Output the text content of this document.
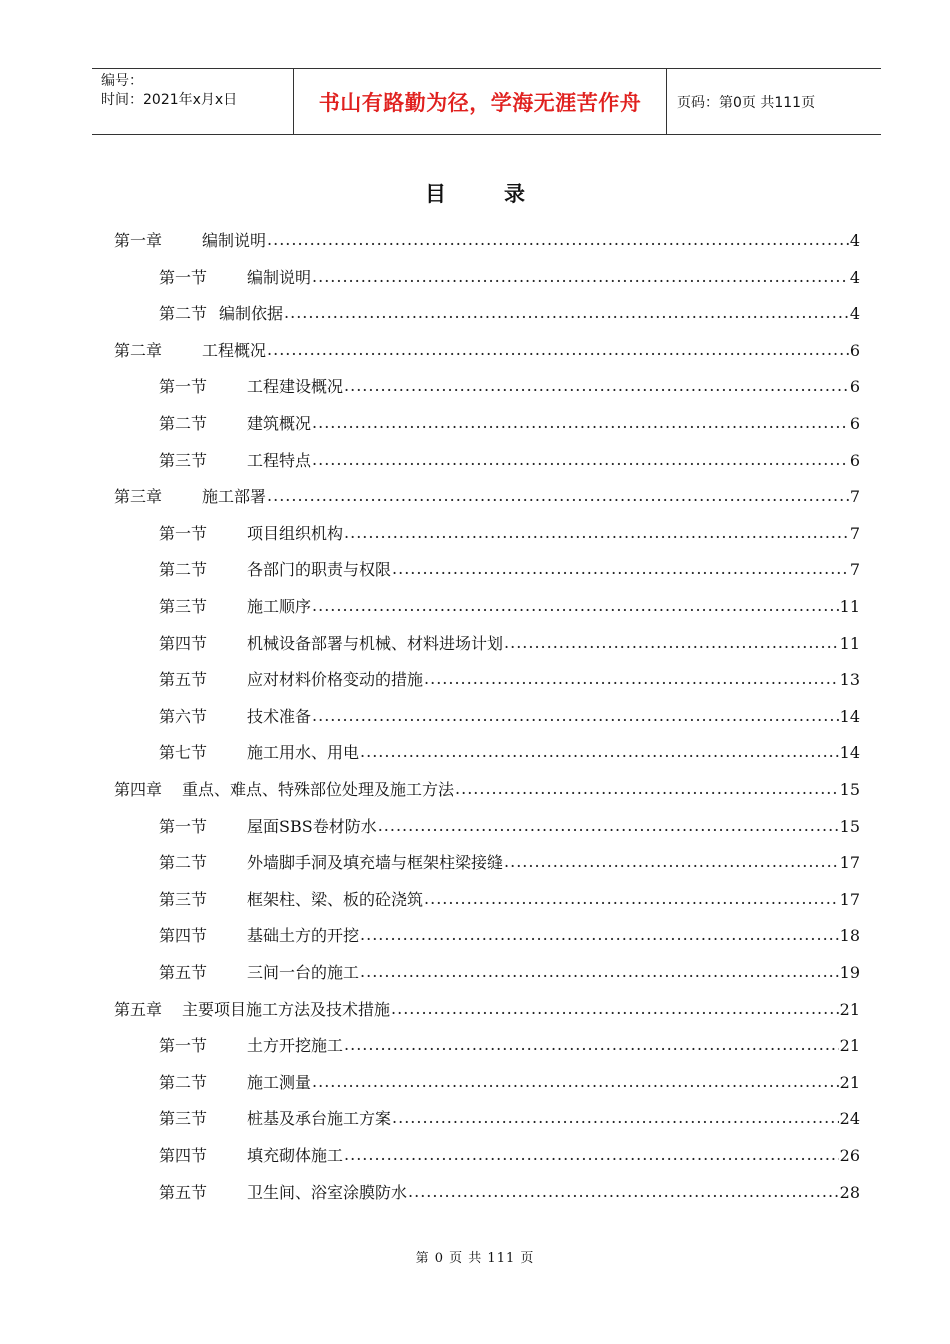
编号：
时间：2021年x月x日	书山有路勤为径，学海无涯苦作舟	页码：第0页 共111页
目	录
第一章	编制说明 .....	4
第一节	编制说明 .....	4
第二节 编制依据 .....	4
第二章	工程概况 .....	6
第一节	工程建设概况 .....	6
第二节	建筑概况 .....	6
第三节	工程特点 .....	6
第三章	施工部署 .....	7
第一节	项目组织机构 .....	7
第二节	各部门的职责与权限 .....	7
第三节	施工顺序 .....	11
第四节	机械设备部署与机械、材料进场计划 .....	11
第五节	应对材料价格变动的措施 .....	13
第六节	技术准备 .....	14
第七节	施工用水、用电 .....	14
第四章 重点、难点、特殊部位处理及施工方法 .....	15
第一节	屋面SBS卷材防水 .....	15
第二节	外墙脚手洞及填充墙与框架柱梁接缝 .....	17
第三节	框架柱、梁、板的砼浇筑 .....	17
第四节	基础土方的开挖 .....	18
第五节	三间一台的施工 .....	19
第五章 主要项目施工方法及技术措施 .....	21
第一节	土方开挖施工 .....	21
第二节	施工测量 .....	21
第三节	桩基及承台施工方案 .....	24
第四节	填充砌体施工 .....	26
第五节	卫生间、浴室涂膜防水 .....	28
第 0 页 共 111 页
